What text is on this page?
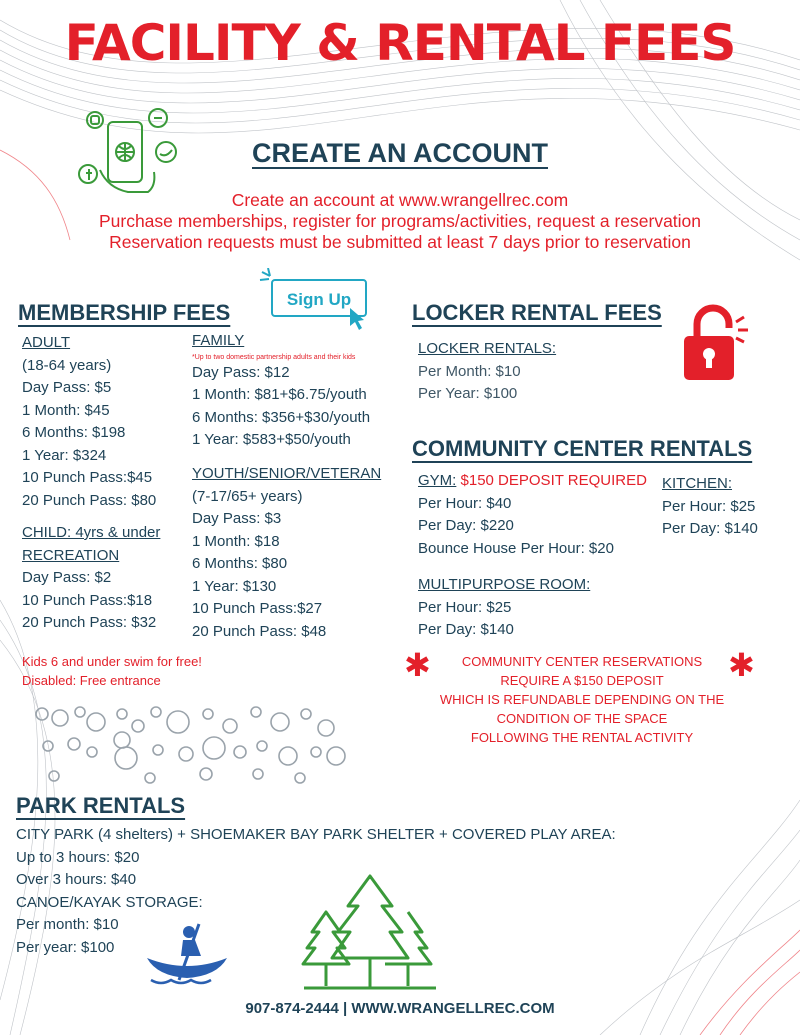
FACILITY & RENTAL FEES
CREATE AN ACCOUNT
Create an account at www.wrangellrec.com
Purchase memberships, register for programs/activities, request a reservation
Reservation requests must be submitted at least 7 days prior to reservation
Sign Up
MEMBERSHIP FEES
ADULT
(18-64 years)
Day Pass: $5
1 Month: $45
6 Months: $198
1 Year: $324
10 Punch Pass:$45
20 Punch Pass: $80
CHILD: 4yrs & under
RECREATION
Day Pass: $2
10 Punch Pass:$18
20 Punch Pass: $32
FAMILY
*Up to two domestic partnership adults and their kids
Day Pass: $12
1 Month: $81+$6.75/youth
6 Months: $356+$30/youth
1 Year: $583+$50/youth
YOUTH/SENIOR/VETERAN
(7-17/65+ years)
Day Pass: $3
1 Month: $18
6 Months: $80
1 Year: $130
10 Punch Pass:$27
20 Punch Pass: $48
Kids 6 and under swim for free!
Disabled: Free entrance
LOCKER RENTAL FEES
LOCKER RENTALS:
Per Month: $10
Per Year: $100
COMMUNITY CENTER RENTALS
GYM: $150 DEPOSIT REQUIRED
Per Hour: $40
Per Day: $220
Bounce House Per Hour: $20
KITCHEN:
Per Hour: $25
Per Day: $140
MULTIPURPOSE ROOM:
Per Hour: $25
Per Day: $140
✱	✱
COMMUNITY CENTER RESERVATIONS
REQUIRE A $150 DEPOSIT
WHICH IS REFUNDABLE DEPENDING ON THE
CONDITION OF THE SPACE
FOLLOWING THE RENTAL ACTIVITY
PARK RENTALS
CITY PARK (4 shelters) + SHOEMAKER BAY PARK SHELTER + COVERED PLAY AREA:
Up to 3 hours: $20
Over 3 hours: $40
CANOE/KAYAK STORAGE:
Per month: $10
Per year: $100
907-874-2444 | WWW.WRANGELLREC.COM
